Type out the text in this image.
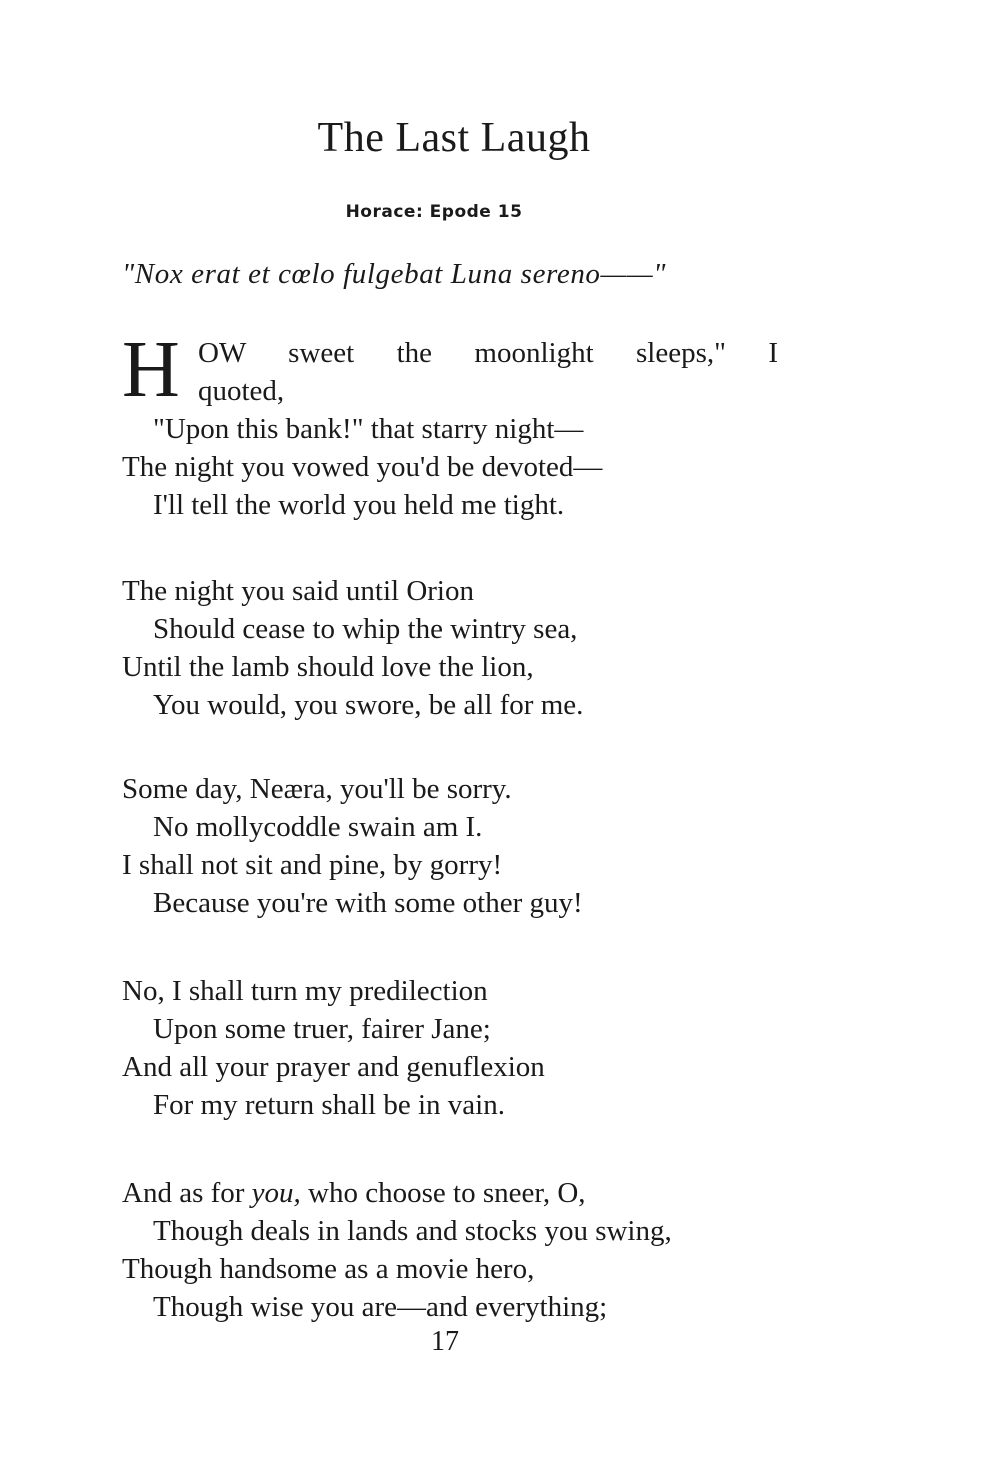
The Last Laugh
Horace: Epode 15
"Nox erat et cœlo fulgebat Luna sereno——"
H OW sweet the moonlight sleeps," I
quoted,
"Upon this bank!" that starry night—
The night you vowed you'd be devoted—
I'll tell the world you held me tight.
The night you said until Orion
Should cease to whip the wintry sea,
Until the lamb should love the lion,
You would, you swore, be all for me.
Some day, Neæra, you'll be sorry.
No mollycoddle swain am I.
I shall not sit and pine, by gorry!
Because you're with some other guy!
No, I shall turn my predilection
Upon some truer, fairer Jane;
And all your prayer and genuflexion
For my return shall be in vain.
And as for you, who choose to sneer, O,
Though deals in lands and stocks you swing,
Though handsome as a movie hero,
Though wise you are—and everything;
17
